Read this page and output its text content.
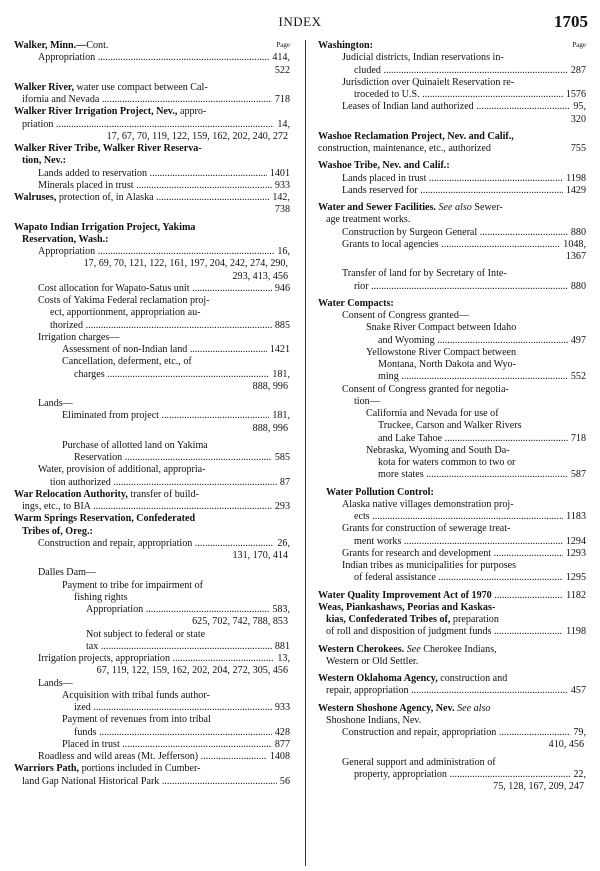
INDEX	1705
Walker, Minn.—Cont.	Page
Appropriation .....	414,
522
Walker River, water use compact between Cal-
ifornia and Nevada .....	718
Walker River Irrigation Project, Nev., appro-
priation .....	14,
17, 67, 70, 119, 122, 159, 162, 202, 240, 272
Walker River Tribe, Walker River Reserva-
tion, Nev.:
Lands added to reservation .....	1401
Minerals placed in trust .....	933
Walruses, protection of, in Alaska .....	142,
738
Wapato Indian Irrigation Project, Yakima
Reservation, Wash.:
Appropriation .....	16,
17, 69, 70, 121, 122, 161, 197, 204, 242, 274, 290,
293, 413, 456
Cost allocation for Wapato-Satus unit .....	946
Costs of Yakima Federal reclamation proj-
ect, apportionment, appropriation au-
thorized .....	885
Irrigation charges—
Assessment of non-Indian land .....	1421
Cancellation, deferment, etc., of
charges .....	181,
888, 996
Lands—
Eliminated from project .....	181,
888, 996
Purchase of allotted land on Yakima
Reservation .....	585
Water, provision of additional, appropria-
tion authorized .....	87
War Relocation Authority, transfer of build-
ings, etc., to BIA .....	293
Warm Springs Reservation, Confederated
Tribes of, Oreg.:
Construction and repair, appropriation .....	26,
131, 170, 414
Dalles Dam—
Payment to tribe for impairment of
fishing rights
Appropriation .....	583,
625, 702, 742, 788, 853
Not subject to federal or state
tax .....	881
Irrigation projects, appropriation .....	13,
67, 119, 122, 159, 162, 202, 204, 272, 305, 456
Lands—
Acquisition with tribal funds author-
ized .....	933
Payment of revenues from into tribal
funds .....	428
Placed in trust .....	877
Roadless and wild areas (Mt. Jefferson) .....	1408
Warriors Path, portions included in Cumber-
land Gap National Historical Park .....	56
Washington:	Page
Judicial districts, Indian reservations in-
cluded .....	287
Jurisdiction over Quinaielt Reservation re-
troceded to U.S. .....	1576
Leases of Indian land authorized .....	95,
320
Washoe Reclamation Project, Nev. and Calif.,
construction, maintenance, etc., authorized	755
Washoe Tribe, Nev. and Calif.:
Lands placed in trust .....	1198
Lands reserved for .....	1429
Water and Sewer Facilities. See also Sewer-
age treatment works.
Construction by Surgeon General .....	880
Grants to local agencies .....	1048,
1367
Transfer of land for by Secretary of Inte-
rior .....	880
Water Compacts:
Consent of Congress granted—
Snake River Compact between Idaho
and Wyoming .....	497
Yellowstone River Compact between
Montana, North Dakota and Wyo-
ming .....	552
Consent of Congress granted for negotia-
tion—
California and Nevada for use of
Truckee, Carson and Walker Rivers
and Lake Tahoe .....	718
Nebraska, Wyoming and South Da-
kota for waters common to two or
more states .....	587
Water Pollution Control:
Alaska native villages demonstration proj-
ects .....	1183
Grants for construction of sewerage treat-
ment works .....	1294
Grants for research and development .....	1293
Indian tribes as municipalities for purposes
of federal assistance .....	1295
Water Quality Improvement Act of 1970 .....	1182
Weas, Piankashaws, Peorias and Kaskas-
kias, Confederated Tribes of, preparation
of roll and disposition of judgment funds .....	1198
Western Cherokees. See Cherokee Indians,
Western or Old Settler.
Western Oklahoma Agency, construction and
repair, appropriation .....	457
Western Shoshone Agency, Nev. See also
Shoshone Indians, Nev.
Construction and repair, appropriation .....	79,
410, 456
General support and administration of
property, appropriation .....	22,
75, 128, 167, 209, 247
